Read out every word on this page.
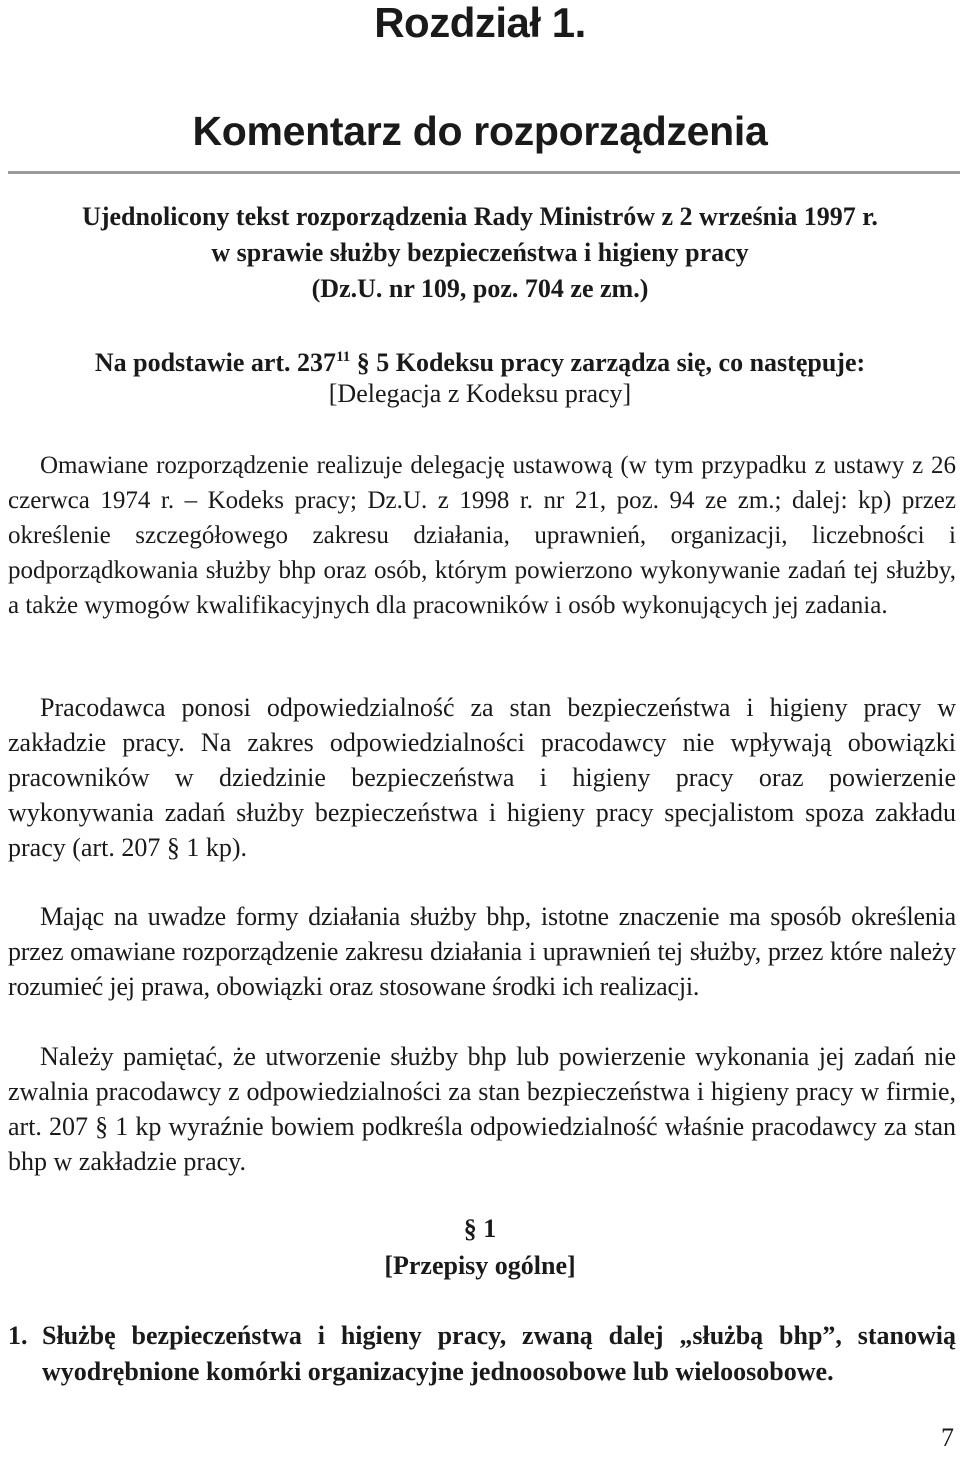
Rozdział 1.
Komentarz do rozporządzenia
Ujednolicony tekst rozporządzenia Rady Ministrów z 2 września 1997 r.
w sprawie służby bezpieczeństwa i higieny pracy
(Dz.U. nr 109, poz. 704 ze zm.)
Na podstawie art. $237^{11}$ § 5 Kodeksu pracy zarządza się, co następuje:
[Delegacja z Kodeksu pracy]

Omawiane rozporządzenie realizuje delegację ustawową (w tym przypadku z ustawy z 26 czerwca 1974 r. – Kodeks pracy; Dz.U. z 1998 r. nr 21, poz. 94 ze zm.; dalej: kp) przez określenie szczegółowego zakresu działania, uprawnień, organizacji, liczebności i podporządkowania służby bhp oraz osób, którym powierzono wykonywanie zadań tej służby, a także wymogów kwalifikacyjnych dla pracowników i osób wykonujących jej zadania.

Pracodawca ponosi odpowiedzialność za stan bezpieczeństwa i higieny pracy w zakładzie pracy. Na zakres odpowiedzialności pracodawcy nie wpływają obowiązki pracowników w dziedzinie bezpieczeństwa i higieny pracy oraz powierzenie wykonywania zadań służby bezpieczeństwa i higieny pracy specjalistom spoza zakładu pracy (art. 207 § 1 kp).

Mając na uwadze formy działania służby bhp, istotne znaczenie ma sposób określenia przez omawiane rozporządzenie zakresu działania i uprawnień tej służby, przez które należy rozumieć jej prawa, obowiązki oraz stosowane środki ich realizacji.

Należy pamiętać, że utworzenie służby bhp lub powierzenie wykonania jej zadań nie zwalnia pracodawcy z odpowiedzialności za stan bezpieczeństwa i higieny pracy w firmie, art. 207 § 1 kp wyraźnie bowiem podkreśla odpowiedzialność właśnie pracodawcy za stan bhp w zakładzie pracy.

§ 1
[Przepisy ogólne]
1. Służbę bezpieczeństwa i higieny pracy, zwaną dalej „służbą bhp”, stanowią wyodrębnione komórki organizacyjne jednoosobowe lub wieloosobowe.
7
